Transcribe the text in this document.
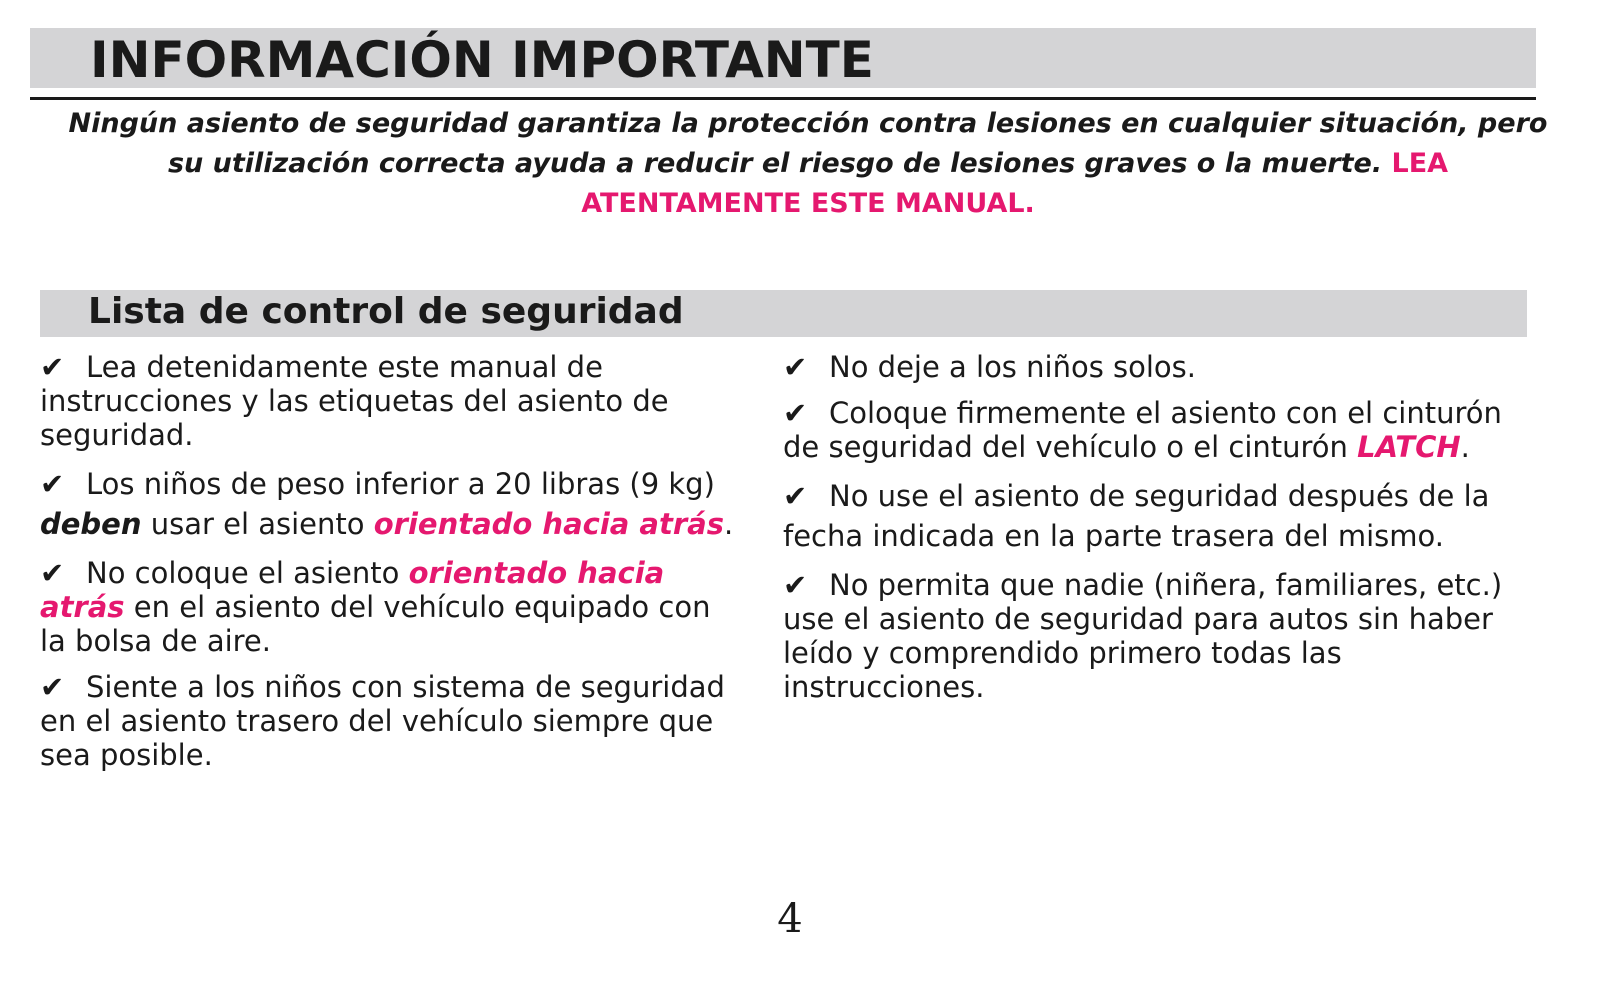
INFORMACIÓN IMPORTANTE
Ningún asiento de seguridad garantiza la protección contra lesiones en cualquier situación, pero su utilización correcta ayuda a reducir el riesgo de lesiones graves o la muerte. LEA ATENTAMENTE ESTE MANUAL.
Lista de control de seguridad
✔ Lea detenidamente este manual de instrucciones y las etiquetas del asiento de seguridad.
✔ Los niños de peso inferior a 20 libras (9 kg) deben usar el asiento orientado hacia atrás.
✔ No coloque el asiento orientado hacia atrás en el asiento del vehículo equipado con la bolsa de aire.
✔ Siente a los niños con sistema de seguridad en el asiento trasero del vehículo siempre que sea posible.
✔ No deje a los niños solos.
✔ Coloque firmemente el asiento con el cinturón de seguridad del vehículo o el cinturón LATCH.
✔ No use el asiento de seguridad después de la fecha indicada en la parte trasera del mismo.
✔ No permita que nadie (niñera, familiares, etc.) use el asiento de seguridad para autos sin haber leído y comprendido primero todas las instrucciones.
4
